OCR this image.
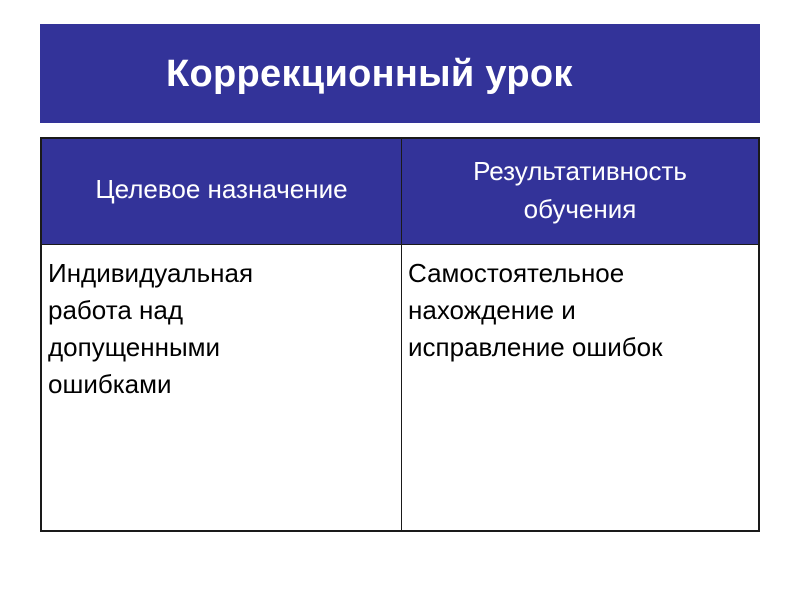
Коррекционный урок
Целевое назначение
Результативность
обучения
Индивидуальная
работа над
допущенными
ошибками
Самостоятельное
нахождение и
исправление ошибок
